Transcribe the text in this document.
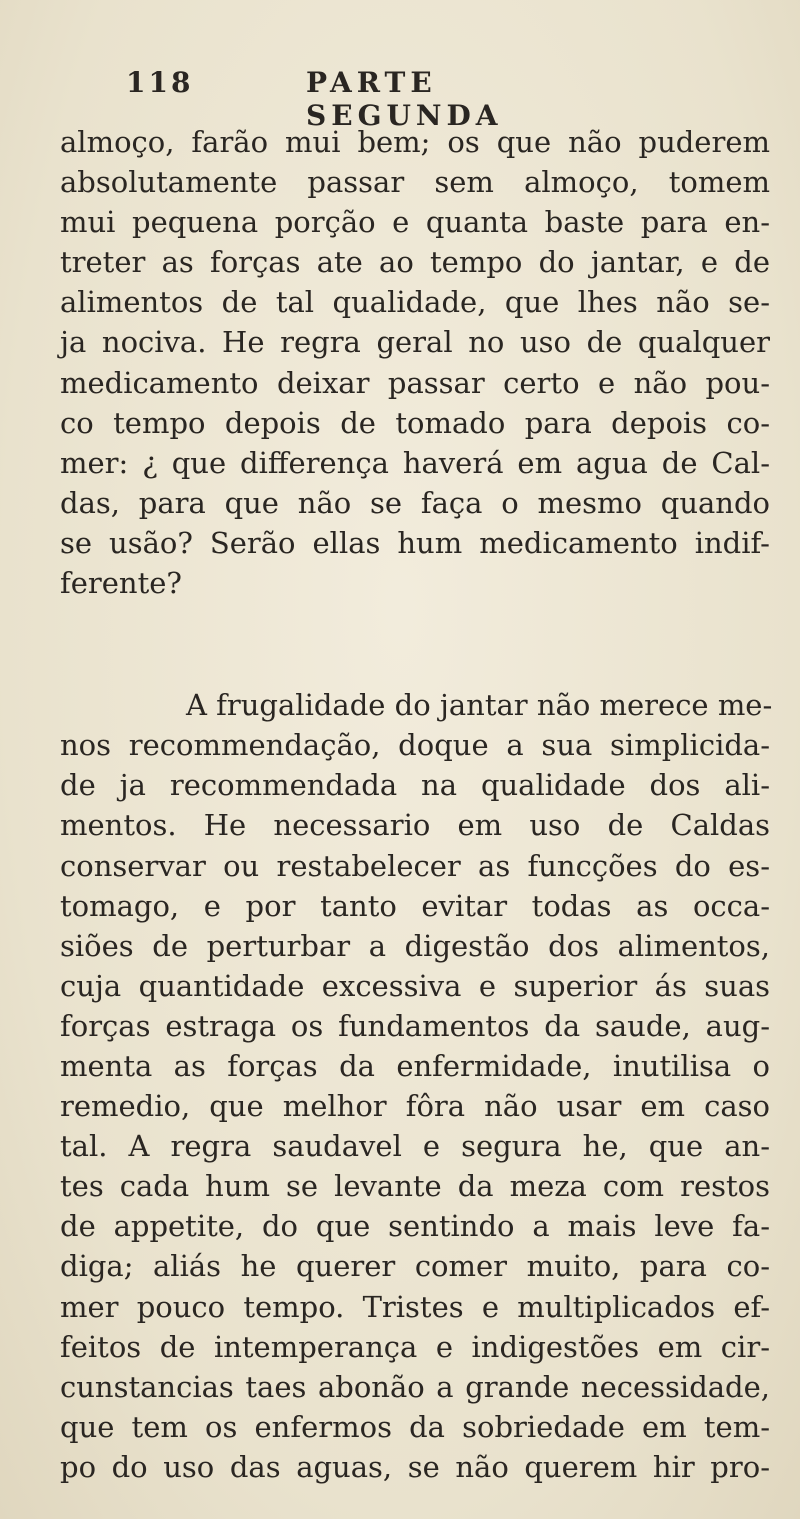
118	PARTE SEGUNDA
almoço, farão mui bem; os que não puderem
absolutamente passar sem almoço, tomem
mui pequena porção e quanta baste para en-
treter as forças ate ao tempo do jantar, e de
alimentos de tal qualidade, que lhes não se-
ja nociva. He regra geral no uso de qualquer
medicamento deixar passar certo e não pou-
co tempo depois de tomado para depois co-
mer: ¿ que differença haverá em agua de Cal-
das, para que não se faça o mesmo quando
se usão? Serão ellas hum medicamento indif-
ferente?
A frugalidade do jantar não merece me-
nos recommendação, doque a sua simplicida-
de ja recommendada na qualidade dos ali-
mentos. He necessario em uso de Caldas
conservar ou restabelecer as funcções do es-
tomago, e por tanto evitar todas as occa-
siões de perturbar a digestão dos alimentos,
cuja quantidade excessiva e superior ás suas
forças estraga os fundamentos da saude, aug-
menta as forças da enfermidade, inutilisa o
remedio, que melhor fôra não usar em caso
tal. A regra saudavel e segura he, que an-
tes cada hum se levante da meza com restos
de appetite, do que sentindo a mais leve fa-
diga; aliás he querer comer muito, para co-
mer pouco tempo. Tristes e multiplicados ef-
feitos de intemperança e indigestões em cir-
cunstancias taes abonão a grande necessidade,
que tem os enfermos da sobriedade em tem-
po do uso das aguas, se não querem hir pro-
